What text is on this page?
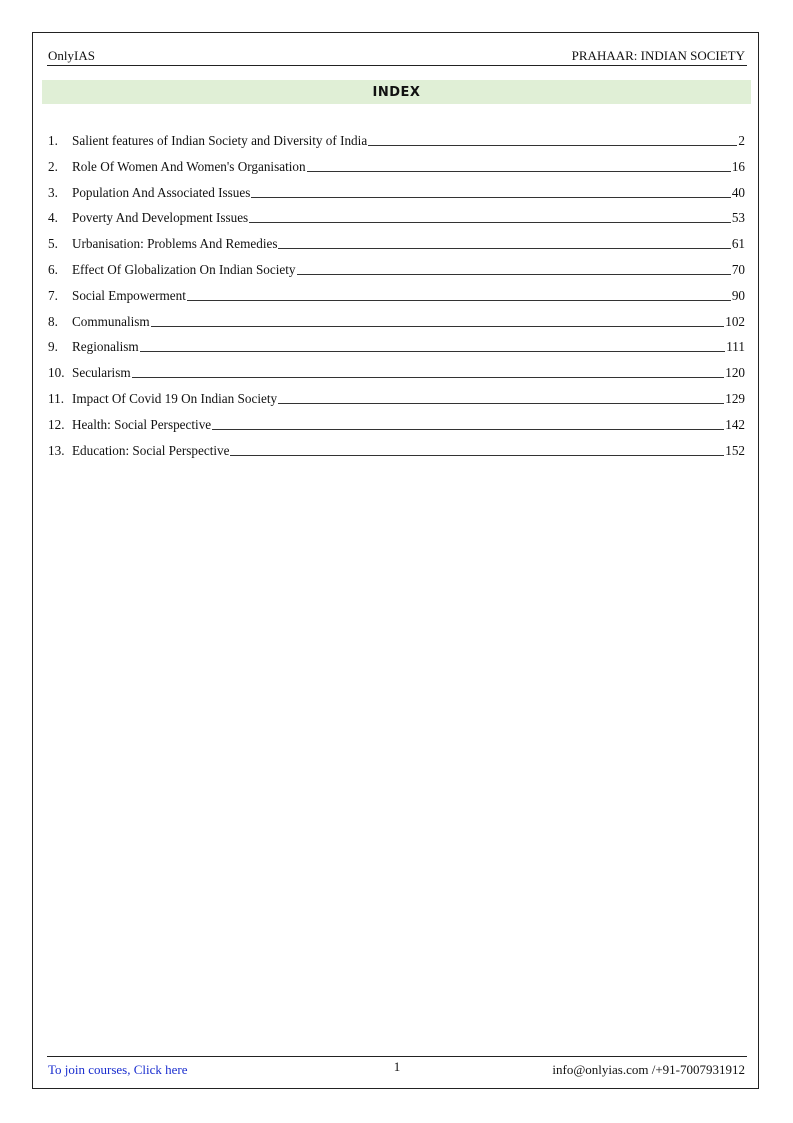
OnlyIAS	PRAHAAR: INDIAN SOCIETY
INDEX
1.	Salient features of Indian Society and Diversity of India	2
2.	Role Of Women And Women's Organisation	16
3.	Population And Associated Issues	40
4.	Poverty And Development Issues	53
5.	Urbanisation: Problems And Remedies	61
6.	Effect Of Globalization On Indian Society	70
7.	Social Empowerment	90
8.	Communalism	102
9.	Regionalism	111
10. Secularism	120
11. Impact Of Covid 19 On Indian Society	129
12. Health: Social Perspective	142
13. Education: Social Perspective	152
To join courses, Click here	1	info@onlyias.com /+91-7007931912
